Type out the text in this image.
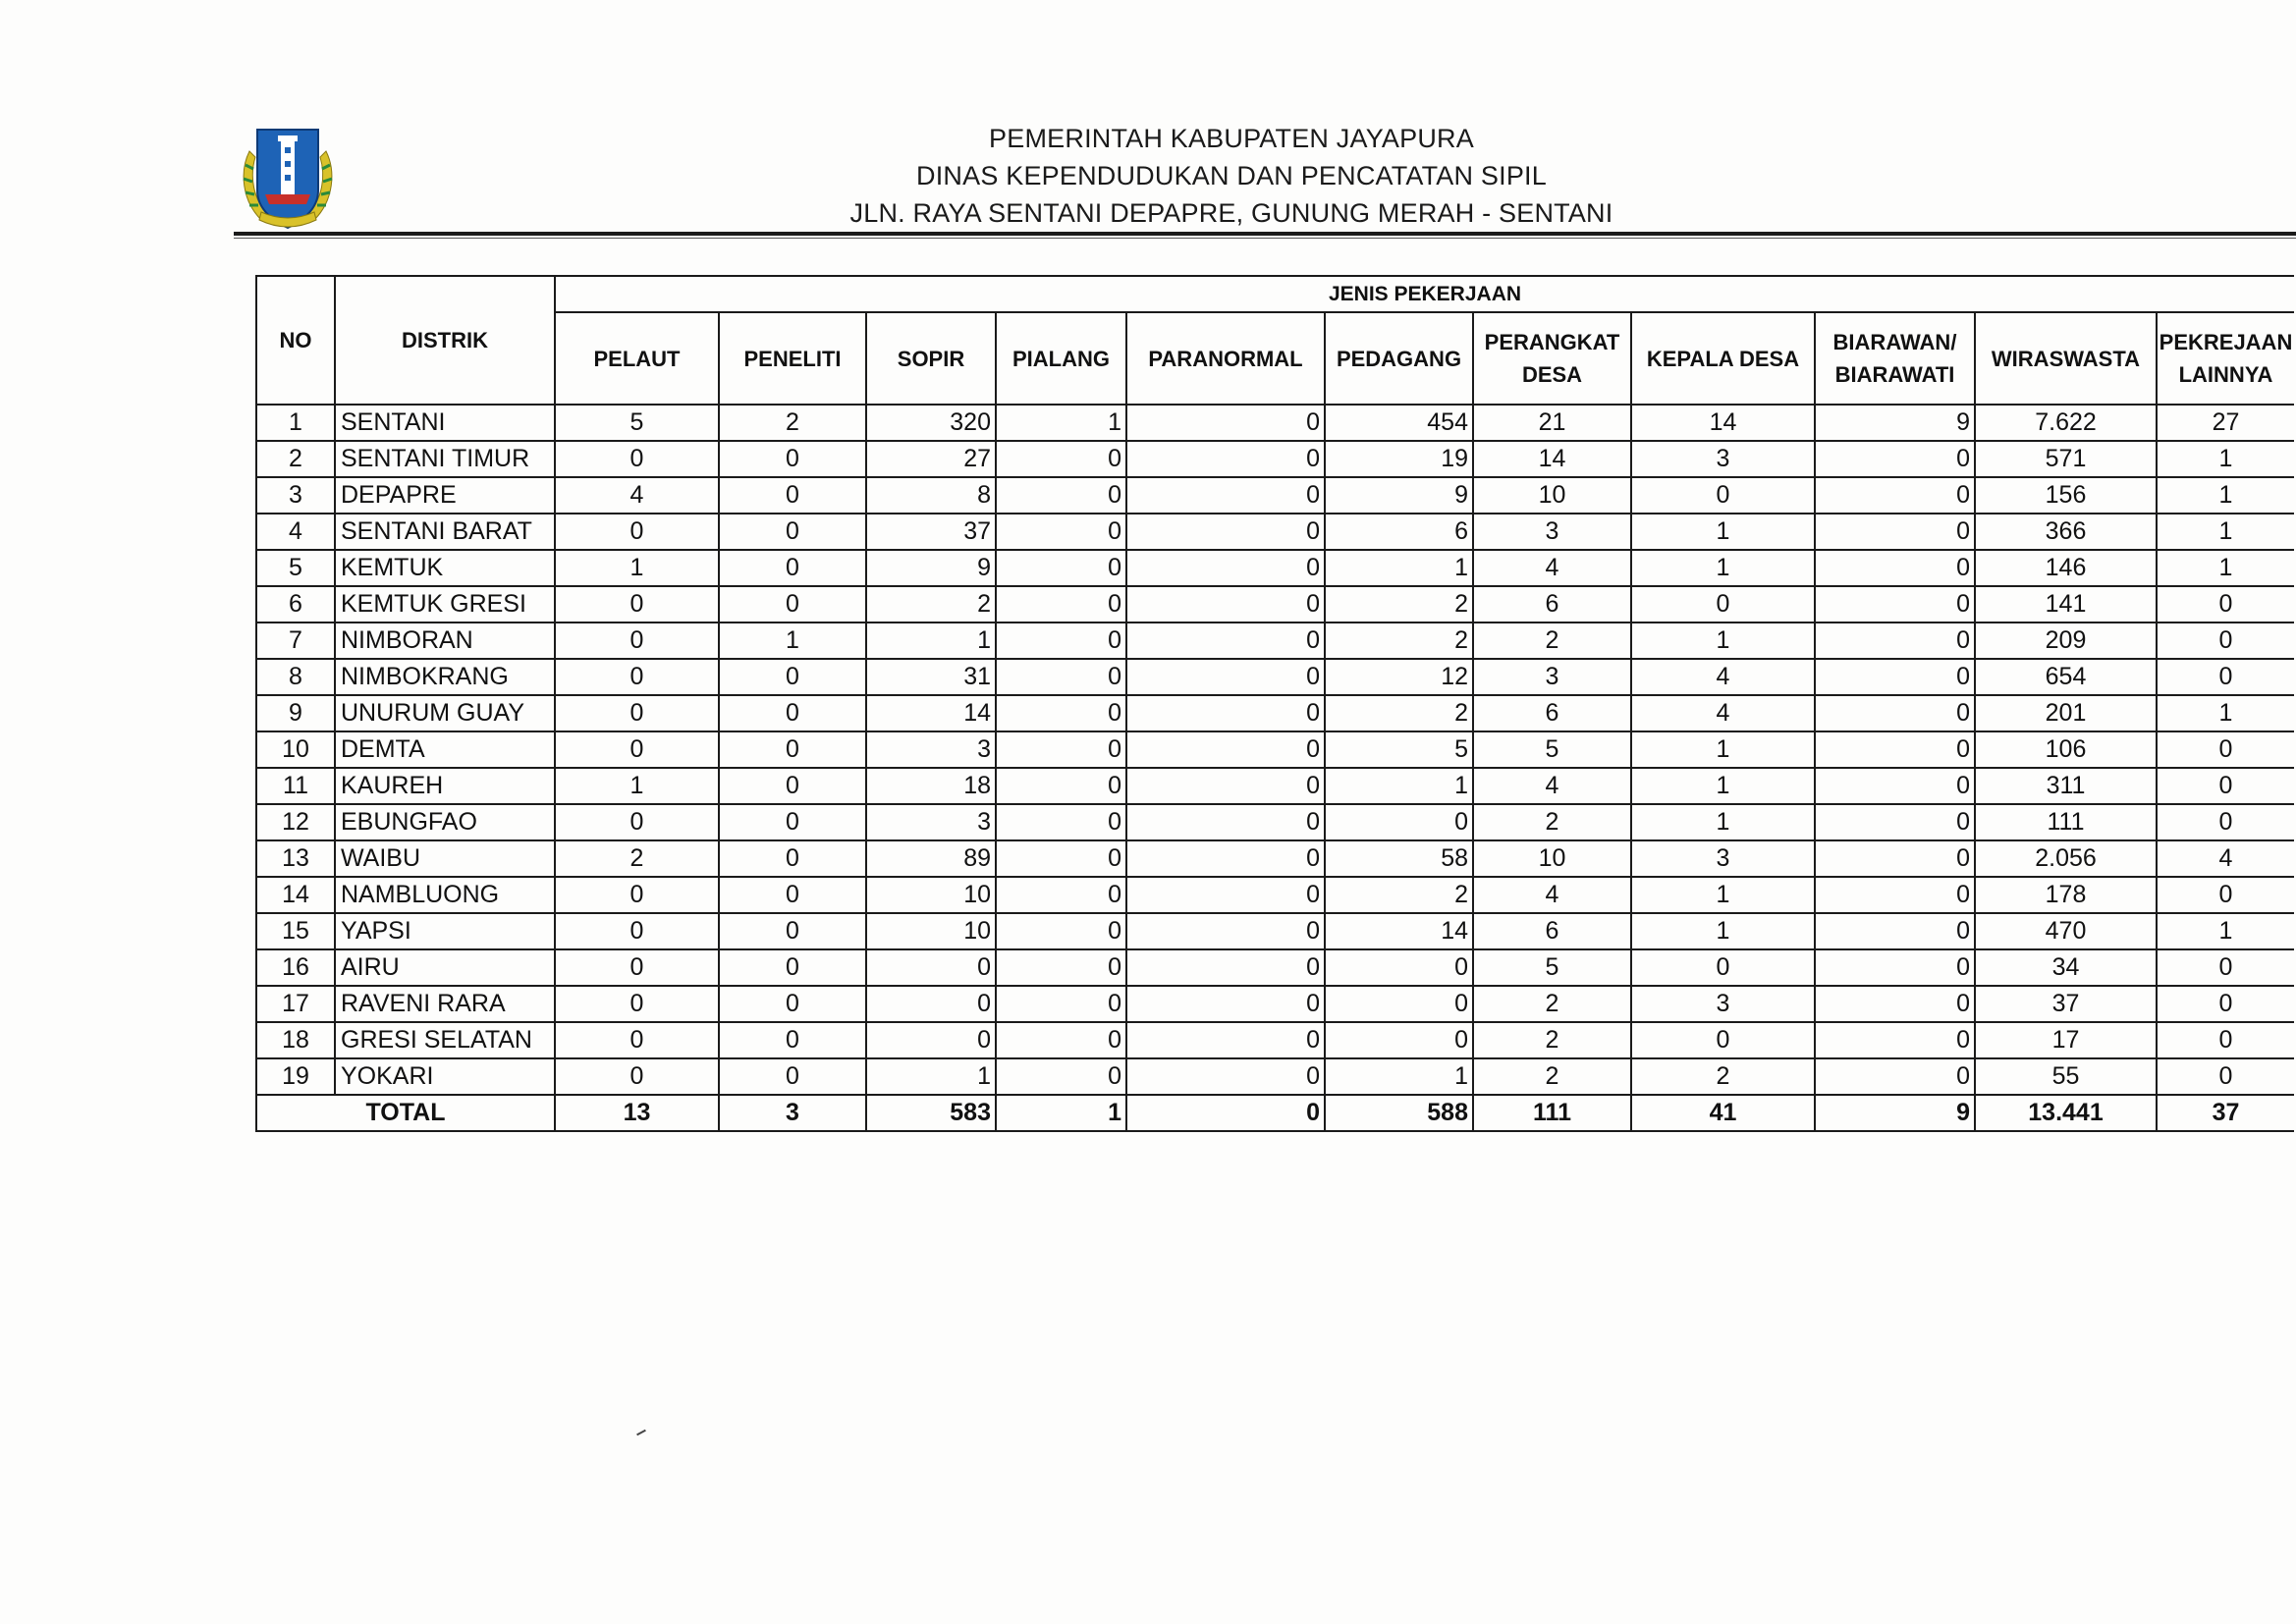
PEMERINTAH KABUPATEN JAYAPURA
DINAS KEPENDUDUKAN DAN PENCATATAN SIPIL
JLN. RAYA SENTANI DEPAPRE, GUNUNG MERAH - SENTANI
NO	DISTRIK	JENIS PEKERJAAN										
		PELAUT	PENELITI	SOPIR	PIALANG	PARANORMAL	PEDAGANG	PERANGKAT DESA	KEPALA DESA	BIARAWAN/ BIARAWATI	WIRASWASTA	PEKREJAAN LAINNYA
1	SENTANI	5	2	320	1	0	454	21	14	9	7.622	27
2	SENTANI TIMUR	0	0	27	0	0	19	14	3	0	571	1
3	DEPAPRE	4	0	8	0	0	9	10	0	0	156	1
4	SENTANI BARAT	0	0	37	0	0	6	3	1	0	366	1
5	KEMTUK	1	0	9	0	0	1	4	1	0	146	1
6	KEMTUK GRESI	0	0	2	0	0	2	6	0	0	141	0
7	NIMBORAN	0	1	1	0	0	2	2	1	0	209	0
8	NIMBOKRANG	0	0	31	0	0	12	3	4	0	654	0
9	UNURUM GUAY	0	0	14	0	0	2	6	4	0	201	1
10	DEMTA	0	0	3	0	0	5	5	1	0	106	0
11	KAUREH	1	0	18	0	0	1	4	1	0	311	0
12	EBUNGFAO	0	0	3	0	0	0	2	1	0	111	0
13	WAIBU	2	0	89	0	0	58	10	3	0	2.056	4
14	NAMBLUONG	0	0	10	0	0	2	4	1	0	178	0
15	YAPSI	0	0	10	0	0	14	6	1	0	470	1
16	AIRU	0	0	0	0	0	0	5	0	0	34	0
17	RAVENI RARA	0	0	0	0	0	0	2	3	0	37	0
18	GRESI SELATAN	0	0	0	0	0	0	2	0	0	17	0
19	YOKARI	0	0	1	0	0	1	2	2	0	55	0
TOTAL		13	3	583	1	0	588	111	41	9	13.441	37
